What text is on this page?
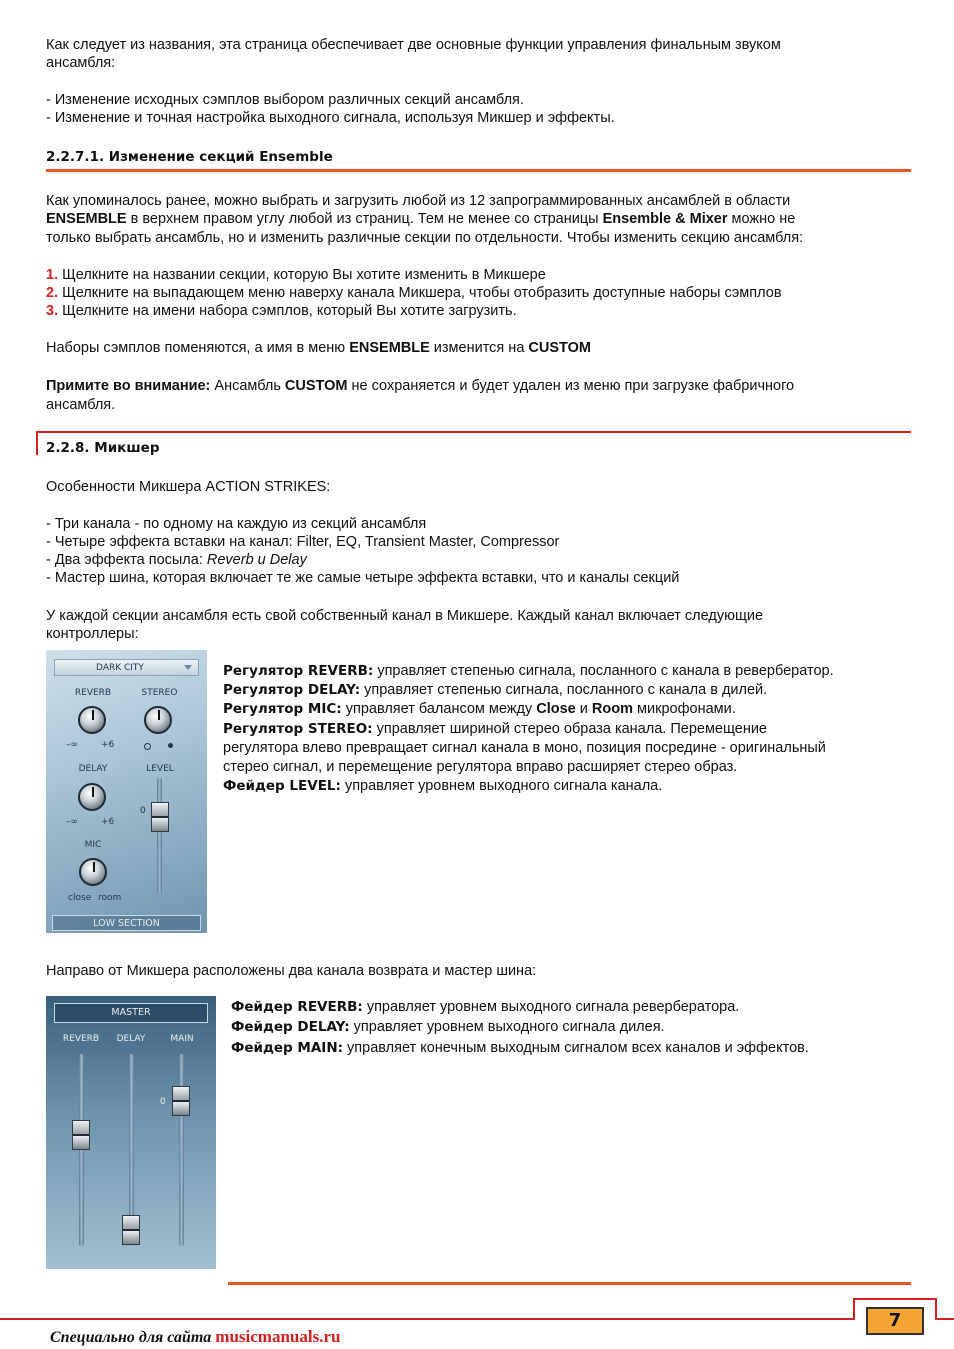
Как следует из названия, эта страница обеспечивает две основные функции управления финальным звуком

ансамбля:

- Изменение исходных сэмплов выбором различных секций ансамбля.

- Изменение и точная настройка выходного сигнала, используя Микшер и эффекты.

2.2.7.1. Изменение секций Ensemble

Как упоминалось ранее, можно выбрать и загрузить любой из 12 запрограммированных ансамблей в области

ENSEMBLE в верхнем правом углу любой из страниц. Тем не менее со страницы Ensemble & Mixer можно не

только выбрать ансамбль, но и изменить различные секции по отдельности. Чтобы изменить секцию ансамбля:

1. Щелкните на названии секции, которую Вы хотите изменить в Микшере

2. Щелкните на выпадающем меню наверху канала Микшера, чтобы отобразить доступные наборы сэмплов

3. Щелкните на имени набора сэмплов, который Вы хотите загрузить.

Наборы сэмплов поменяются, а имя в меню ENSEMBLE изменится на CUSTOM

Примите во внимание: Ансамбль CUSTOM не сохраняется и будет удален из меню при загрузке фабричного

ансамбля.

2.2.8. Микшер

Особенности Микшера ACTION STRIKES:

- Три канала - по одному на каждую из секций ансамбля

- Четыре эффекта вставки на канал: Filter, EQ, Transient Master, Compressor

- Два эффекта посыла: Reverb и Delay

- Мастер шина, которая включает те же самые четыре эффекта вставки, что и каналы секций

У каждой секции ансамбля есть свой собственный канал в Микшере. Каждый канал включает следующие

контроллеры:

DARK CITY
REVERB	STEREO
–∞	+6
DELAY	LEVEL
–∞	+6
0
MIC
close room
LOW SECTION

Регулятор REVERB: управляет степенью сигнала, посланного с канала в ревербератор.

Регулятор DELAY: управляет степенью сигнала, посланного с канала в дилей.

Регулятор MIC: управляет балансом между Close и Room микрофонами.

Регулятор STEREO: управляет шириной стерео образа канала. Перемещение

регулятора влево превращает сигнал канала в моно, позиция посредине - оригинальный

стерео сигнал, и перемещение регулятора вправо расширяет стерео образ.

Фейдер LEVEL: управляет уровнем выходного сигнала канала.

Направо от Микшера расположены два канала возврата и мастер шина:

MASTER
REVERB	DELAY	MAIN
0

Фейдер REVERB: управляет уровнем выходного сигнала ревербератора.

Фейдер DELAY: управляет уровнем выходного сигнала дилея.

Фейдер MAIN: управляет конечным выходным сигналом всех каналов и эффектов.

7
Специально для сайта musicmanuals.ru
